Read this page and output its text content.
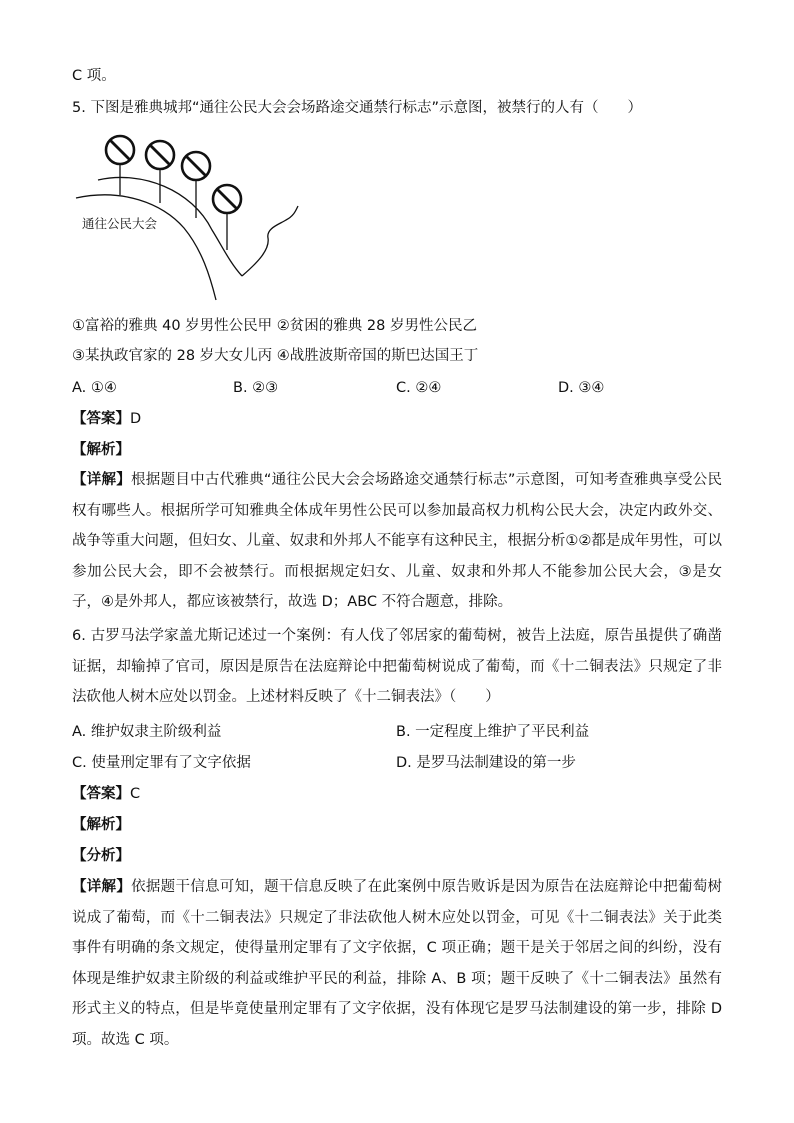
C 项。
5. 下图是雅典城邦“通往公民大会会场路途交通禁行标志”示意图，被禁行的人有（　　）
通往公民大会
①富裕的雅典 40 岁男性公民甲 ②贫困的雅典 28 岁男性公民乙
③某执政官家的 28 岁大女儿丙 ④战胜波斯帝国的斯巴达国王丁
A. ①④	B. ②③	C. ②④	D. ③④
【答案】D
【解析】
【详解】根据题目中古代雅典“通往公民大会会场路途交通禁行标志”示意图，可知考查雅典享受公民权有哪些人。根据所学可知雅典全体成年男性公民可以参加最高权力机构公民大会，决定内政外交、战争等重大问题，但妇女、儿童、奴隶和外邦人不能享有这种民主，根据分析①②都是成年男性，可以参加公民大会，即不会被禁行。而根据规定妇女、儿童、奴隶和外邦人不能参加公民大会，③是女子，④是外邦人，都应该被禁行，故选 D；ABC 不符合题意，排除。
6. 古罗马法学家盖尤斯记述过一个案例：有人伐了邻居家的葡萄树，被告上法庭，原告虽提供了确凿证据，却输掉了官司，原因是原告在法庭辩论中把葡萄树说成了葡萄，而《十二铜表法》只规定了非法砍他人树木应处以罚金。上述材料反映了《十二铜表法》（　　）
A. 维护奴隶主阶级利益	B. 一定程度上维护了平民利益
C. 使量刑定罪有了文字依据	D. 是罗马法制建设的第一步
【答案】C
【解析】
【分析】
【详解】依据题干信息可知，题干信息反映了在此案例中原告败诉是因为原告在法庭辩论中把葡萄树说成了葡萄，而《十二铜表法》只规定了非法砍他人树木应处以罚金，可见《十二铜表法》关于此类事件有明确的条文规定，使得量刑定罪有了文字依据，C 项正确；题干是关于邻居之间的纠纷，没有体现是维护奴隶主阶级的利益或维护平民的利益，排除 A、B 项；题干反映了《十二铜表法》虽然有形式主义的特点，但是毕竟使量刑定罪有了文字依据，没有体现它是罗马法制建设的第一步，排除 D 项。故选 C 项。
